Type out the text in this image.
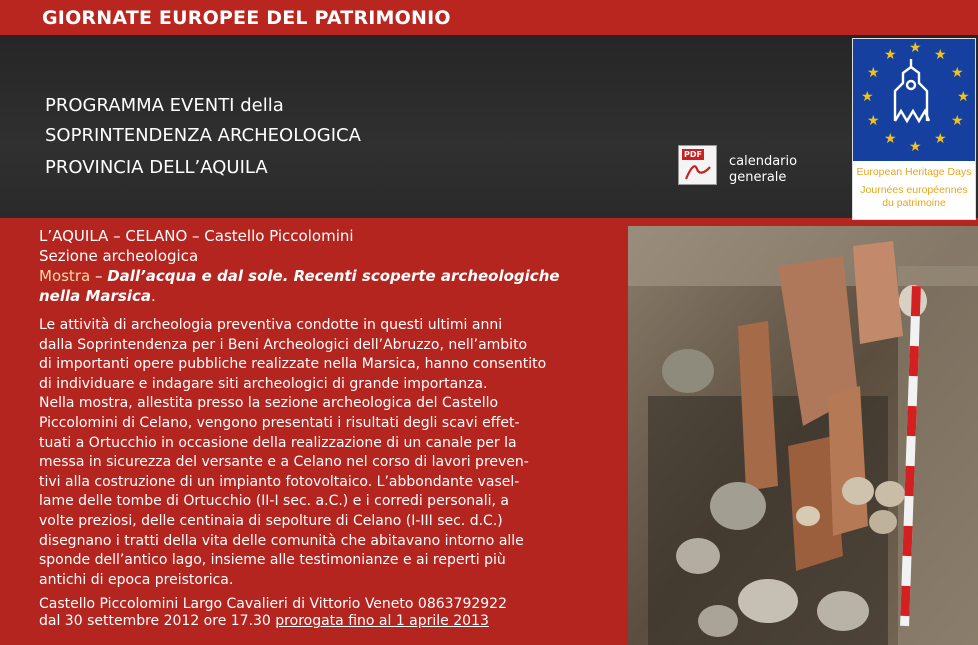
GIORNATE EUROPEE DEL PATRIMONIO
PROGRAMMA EVENTI della
SOPRINTENDENZA ARCHEOLOGICA
PROVINCIA DELL’AQUILA
PDF calendario
generale
★ ★
★
★
★
★
★
★
★
★
★
★
European Heritage Days
Journées européennes
du patrimoine
L’AQUILA – CELANO – Castello Piccolomini
Sezione archeologica
Mostra – Dall’acqua e dal sole. Recenti scoperte archeologiche
nella Marsica.
Le attività di archeologia preventiva condotte in questi ultimi anni
dalla Soprintendenza per i Beni Archeologici dell’Abruzzo, nell’ambito
di importanti opere pubbliche realizzate nella Marsica, hanno consentito
di individuare e indagare siti archeologici di grande importanza.
Nella mostra, allestita presso la sezione archeologica del Castello
Piccolomini di Celano, vengono presentati i risultati degli scavi effet-
tuati a Ortucchio in occasione della realizzazione di un canale per la
messa in sicurezza del versante e a Celano nel corso di lavori preven-
tivi alla costruzione di un impianto fotovoltaico. L’abbondante vasel-
lame delle tombe di Ortucchio (II-I sec. a.C.) e i corredi personali, a
volte preziosi, delle centinaia di sepolture di Celano (I-III sec. d.C.)
disegnano i tratti della vita delle comunità che abitavano intorno alle
sponde dell’antico lago, insieme alle testimonianze e ai reperti più
antichi di epoca preistorica.
Castello Piccolomini Largo Cavalieri di Vittorio Veneto 0863792922
dal 30 settembre 2012 ore 17.30 prorogata fino al 1 aprile 2013
